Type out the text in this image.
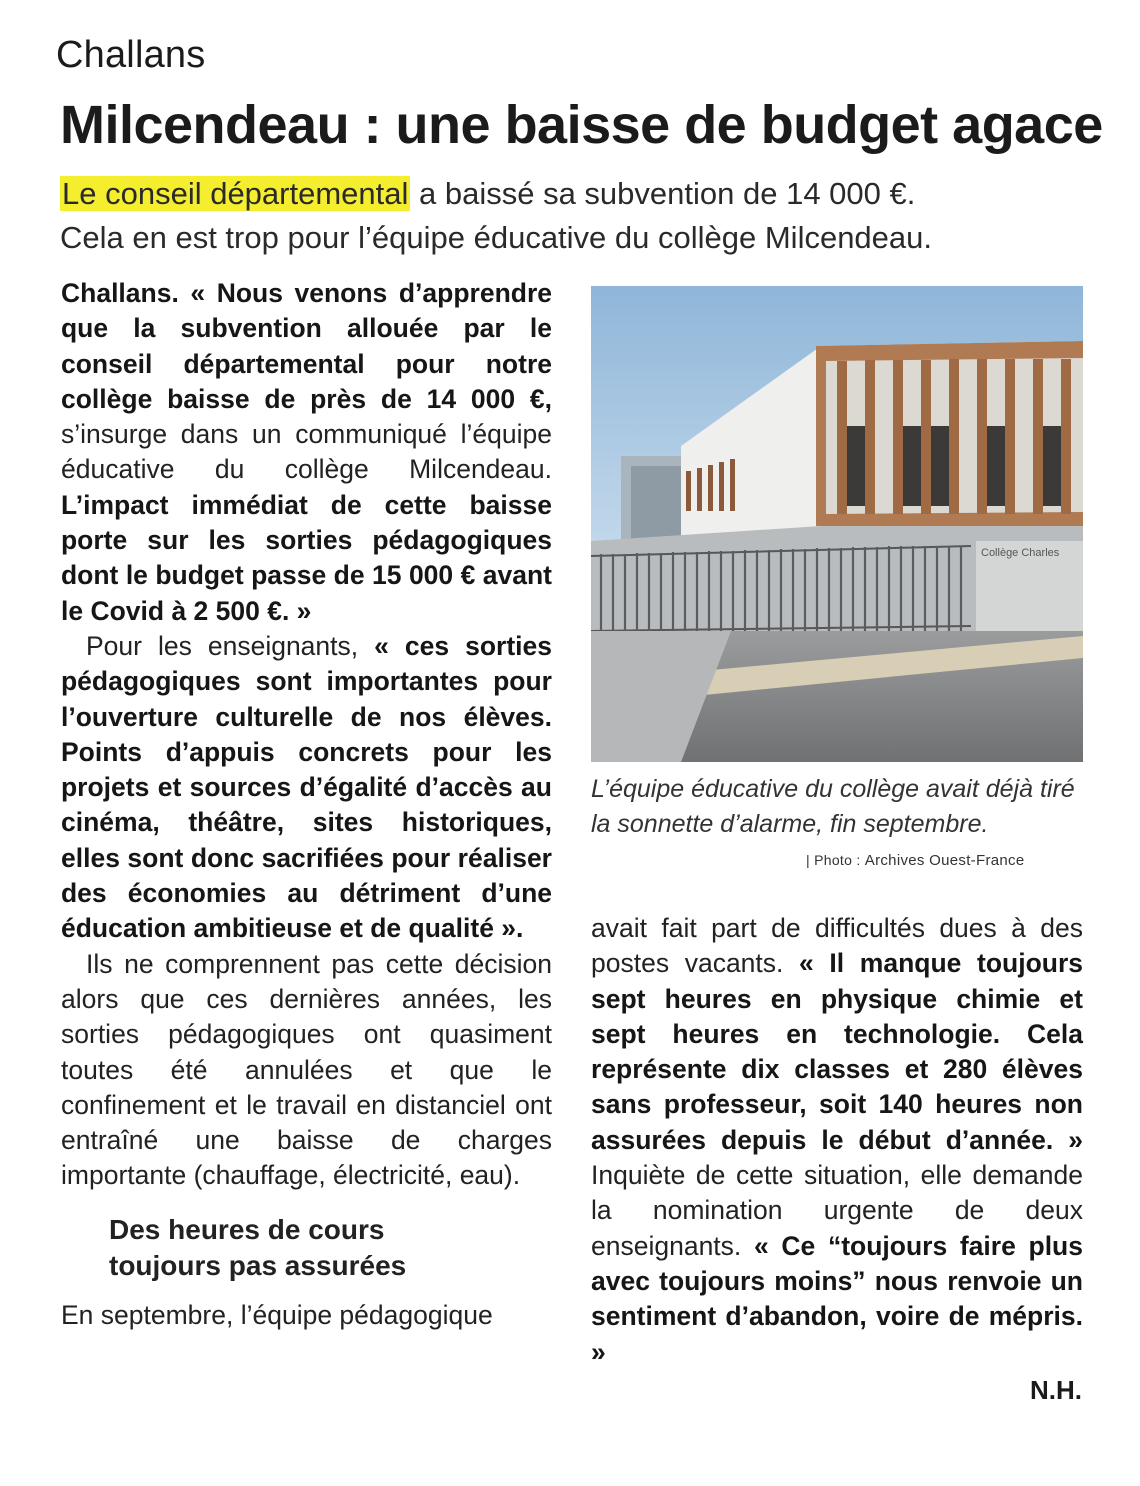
Challans
Milcendeau : une baisse de budget agace
Le conseil départemental a baissé sa subvention de 14 000 €.
Cela en est trop pour l’équipe éducative du collège Milcendeau.

Challans. « Nous venons d’apprendre que la subvention allouée par le conseil départemental pour notre collège baisse de près de 14 000 €, s’insurge dans un communiqué l’équipe éducative du collège Milcendeau. L’impact immédiat de cette baisse porte sur les sorties pédagogiques dont le budget passe de 15 000 € avant le Covid à 2 500 €. »

Pour les enseignants, « ces sorties pédagogiques sont importantes pour l’ouverture culturelle de nos élèves. Points d’appuis concrets pour les projets et sources d’égalité d’accès au cinéma, théâtre, sites historiques, elles sont donc sacrifiées pour réaliser des économies au détriment d’une éducation ambitieuse et de qualité ».

Ils ne comprennent pas cette décision alors que ces dernières années, les sorties pédagogiques ont quasiment toutes été annulées et que le confinement et le travail en distanciel ont entraîné une baisse de charges importante (chauffage, électricité, eau).

Des heures de cours
toujours pas assurées

En septembre, l’équipe pédagogique

Collège Charles
L’équipe éducative du collège avait déjà tiré la sonnette d’alarme, fin septembre.
| Photo : Archives Ouest-France

avait fait part de difficultés dues à des postes vacants. « Il manque toujours sept heures en physique chimie et sept heures en technologie. Cela représente dix classes et 280 élèves sans professeur, soit 140 heures non assurées depuis le début d’année. » Inquiète de cette situation, elle demande la nomination urgente de deux enseignants. « Ce “toujours faire plus avec toujours moins” nous renvoie un sentiment d’abandon, voire de mépris. »

N.H.
